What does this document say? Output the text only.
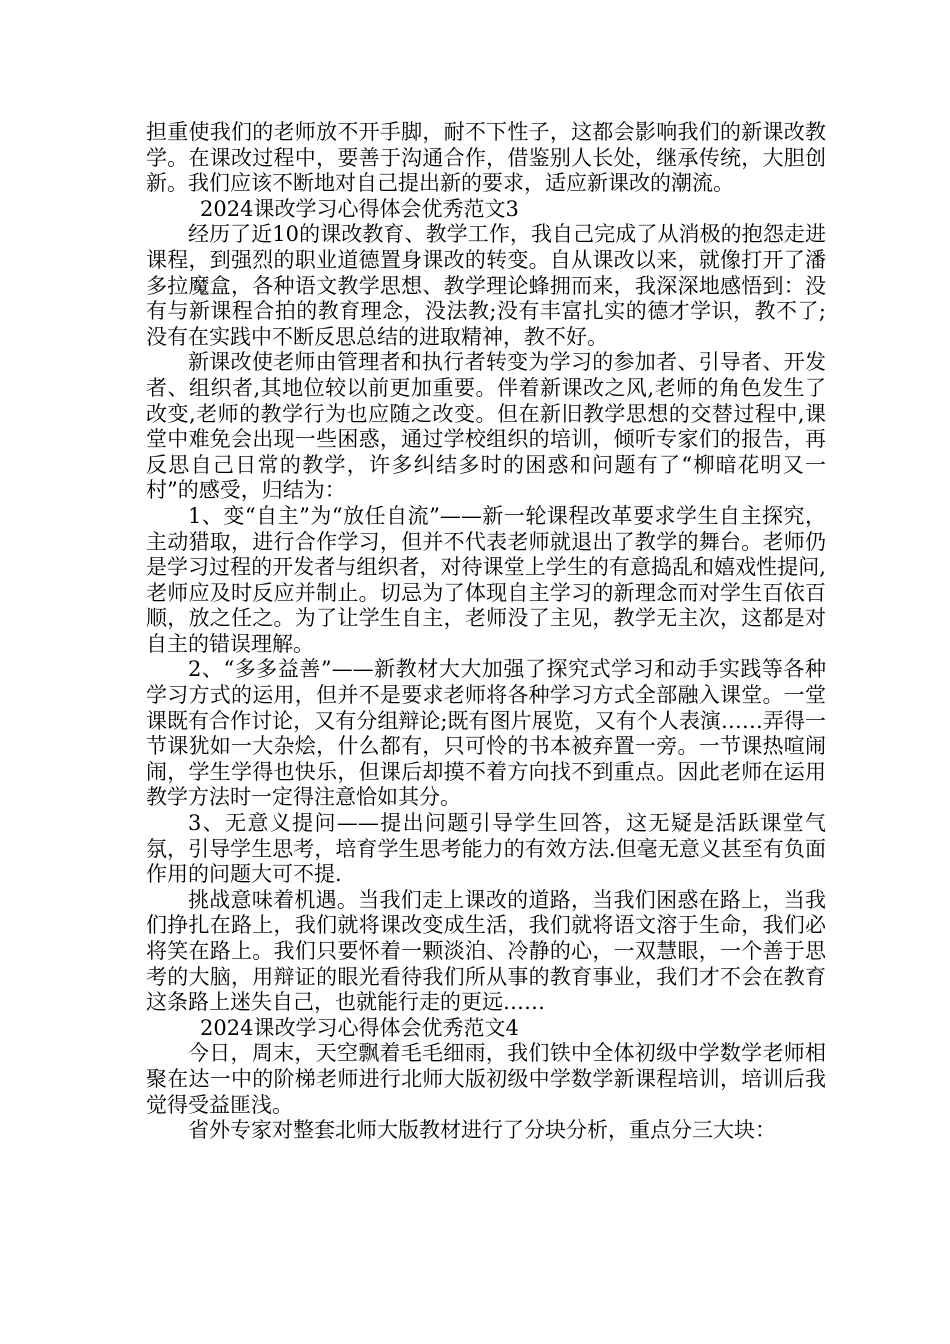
担重使我们的老师放不开手脚，耐不下性子，这都会影响我们的新课改教学。在课改过程中，要善于沟通合作，借鉴别人长处，继承传统，大胆创新。我们应该不断地对自己提出新的要求，适应新课改的潮流。

2024课改学习心得体会优秀范文3

经历了近10的课改教育、教学工作，我自己完成了从消极的抱怨走进课程，到强烈的职业道德置身课改的转变。自从课改以来，就像打开了潘多拉魔盒，各种语文教学思想、教学理论蜂拥而来，我深深地感悟到：没有与新课程合拍的教育理念，没法教;没有丰富扎实的德才学识，教不了;没有在实践中不断反思总结的进取精神，教不好。

新课改使老师由管理者和执行者转变为学习的参加者、引导者、开发者、组织者,其地位较以前更加重要。伴着新课改之风,老师的角色发生了改变,老师的教学行为也应随之改变。但在新旧教学思想的交替过程中,课堂中难免会出现一些困惑，通过学校组织的培训，倾听专家们的报告，再反思自己日常的教学，许多纠结多时的困惑和问题有了“柳暗花明又一村”的感受，归结为：

1、变“自主”为“放任自流”——新一轮课程改革要求学生自主探究，主动猎取，进行合作学习，但并不代表老师就退出了教学的舞台。老师仍是学习过程的开发者与组织者，对待课堂上学生的有意捣乱和嬉戏性提问,老师应及时反应并制止。切忌为了体现自主学习的新理念而对学生百依百顺，放之任之。为了让学生自主，老师没了主见，教学无主次，这都是对自主的错误理解。

2、“多多益善”——新教材大大加强了探究式学习和动手实践等各种学习方式的运用，但并不是要求老师将各种学习方式全部融入课堂。一堂课既有合作讨论，又有分组辩论;既有图片展览，又有个人表演……弄得一节课犹如一大杂烩，什么都有，只可怜的书本被弃置一旁。一节课热喧闹闹，学生学得也快乐，但课后却摸不着方向找不到重点。因此老师在运用教学方法时一定得注意恰如其分。

3、无意义提问——提出问题引导学生回答，这无疑是活跃课堂气氛，引导学生思考，培育学生思考能力的有效方法.但毫无意义甚至有负面作用的问题大可不提.

挑战意味着机遇。当我们走上课改的道路，当我们困惑在路上，当我们挣扎在路上，我们就将课改变成生活，我们就将语文溶于生命，我们必将笑在路上。我们只要怀着一颗淡泊、冷静的心，一双慧眼，一个善于思考的大脑，用辩证的眼光看待我们所从事的教育事业，我们才不会在教育这条路上迷失自己，也就能行走的更远……

2024课改学习心得体会优秀范文4

今日，周末，天空飘着毛毛细雨，我们铁中全体初级中学数学老师相聚在达一中的阶梯老师进行北师大版初级中学数学新课程培训，培训后我觉得受益匪浅。

省外专家对整套北师大版教材进行了分块分析，重点分三大块：
